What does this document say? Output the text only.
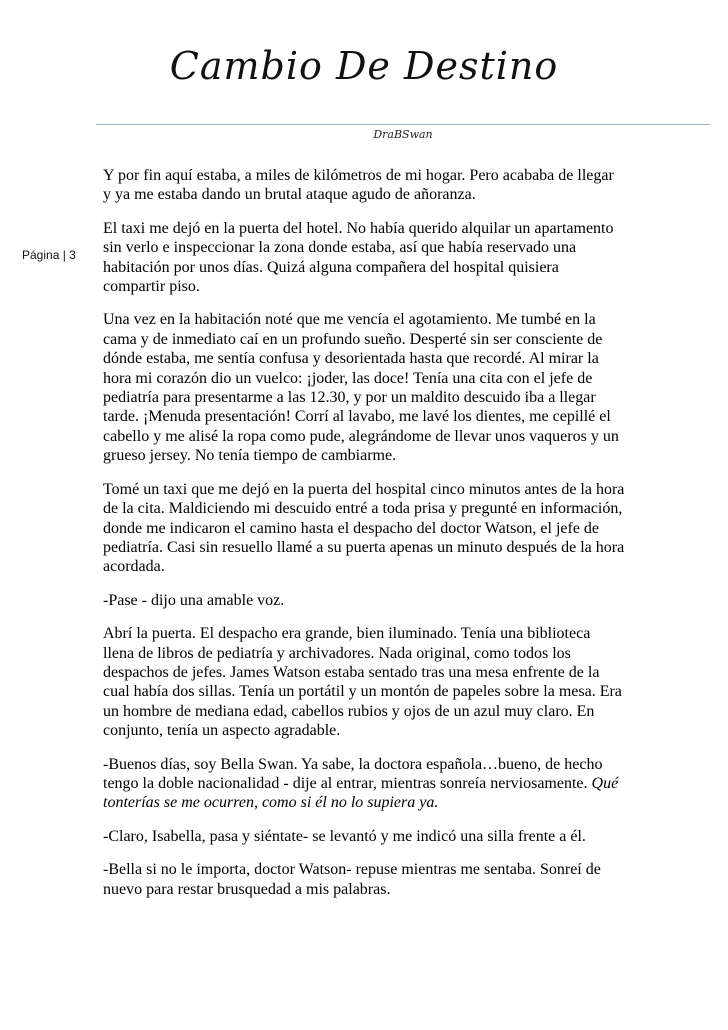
Cambio De Destino
DraBSwan
Página | 3

Y por fin aquí estaba, a miles de kilómetros de mi hogar. Pero acababa de llegar y ya me estaba dando un brutal ataque agudo de añoranza.

El taxi me dejó en la puerta del hotel. No había querido alquilar un apartamento sin verlo e inspeccionar la zona donde estaba, así que había reservado una habitación por unos días. Quizá alguna compañera del hospital quisiera compartir piso.

Una vez en la habitación noté que me vencía el agotamiento. Me tumbé en la cama y de inmediato caí en un profundo sueño. Desperté sin ser consciente de dónde estaba, me sentía confusa y desorientada hasta que recordé. Al mirar la hora mi corazón dio un vuelco: ¡joder, las doce! Tenía una cita con el jefe de pediatría para presentarme a las 12.30, y por un maldito descuido iba a llegar tarde. ¡Menuda presentación! Corrí al lavabo, me lavé los dientes, me cepillé el cabello y me alisé la ropa como pude, alegrándome de llevar unos vaqueros y un grueso jersey. No tenía tiempo de cambiarme.

Tomé un taxi que me dejó en la puerta del hospital cinco minutos antes de la hora de la cita. Maldiciendo mi descuido entré a toda prisa y pregunté en información, donde me indicaron el camino hasta el despacho del doctor Watson, el jefe de pediatría. Casi sin resuello llamé a su puerta apenas un minuto después de la hora acordada.

-Pase - dijo una amable voz.

Abrí la puerta. El despacho era grande, bien iluminado. Tenía una biblioteca llena de libros de pediatría y archivadores. Nada original, como todos los despachos de jefes. James Watson estaba sentado tras una mesa enfrente de la cual había dos sillas. Tenía un portátil y un montón de papeles sobre la mesa. Era un hombre de mediana edad, cabellos rubios y ojos de un azul muy claro. En conjunto, tenía un aspecto agradable.

-Buenos días, soy Bella Swan. Ya sabe, la doctora española…bueno, de hecho tengo la doble nacionalidad - dije al entrar, mientras sonreía nerviosamente. Qué tonterías se me ocurren, como si él no lo supiera ya.

-Claro, Isabella, pasa y siéntate- se levantó y me indicó una silla frente a él.

-Bella si no le importa, doctor Watson- repuse mientras me sentaba. Sonreí de nuevo para restar brusquedad a mis palabras.
